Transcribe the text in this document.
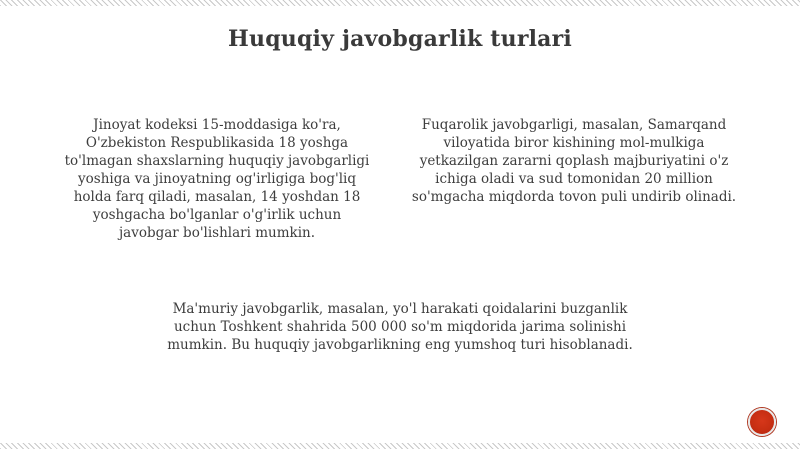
Huquqiy javobgarlik turlari
Jinoyat kodeksi 15-moddasiga ko'ra,
O'zbekiston Respublikasida 18 yoshga
to'lmagan shaxslarning huquqiy javobgarligi
yoshiga va jinoyatning og'irligiga bog'liq
holda farq qiladi, masalan, 14 yoshdan 18
yoshgacha bo'lganlar o'g'irlik uchun
javobgar bo'lishlari mumkin.
Fuqarolik javobgarligi, masalan, Samarqand
viloyatida biror kishining mol-mulkiga
yetkazilgan zararni qoplash majburiyatini o'z
ichiga oladi va sud tomonidan 20 million
so'mgacha miqdorda tovon puli undirib olinadi.
Ma'muriy javobgarlik, masalan, yo'l harakati qoidalarini buzganlik
uchun Toshkent shahrida 500 000 so'm miqdorida jarima solinishi
mumkin. Bu huquqiy javobgarlikning eng yumshoq turi hisoblanadi.
